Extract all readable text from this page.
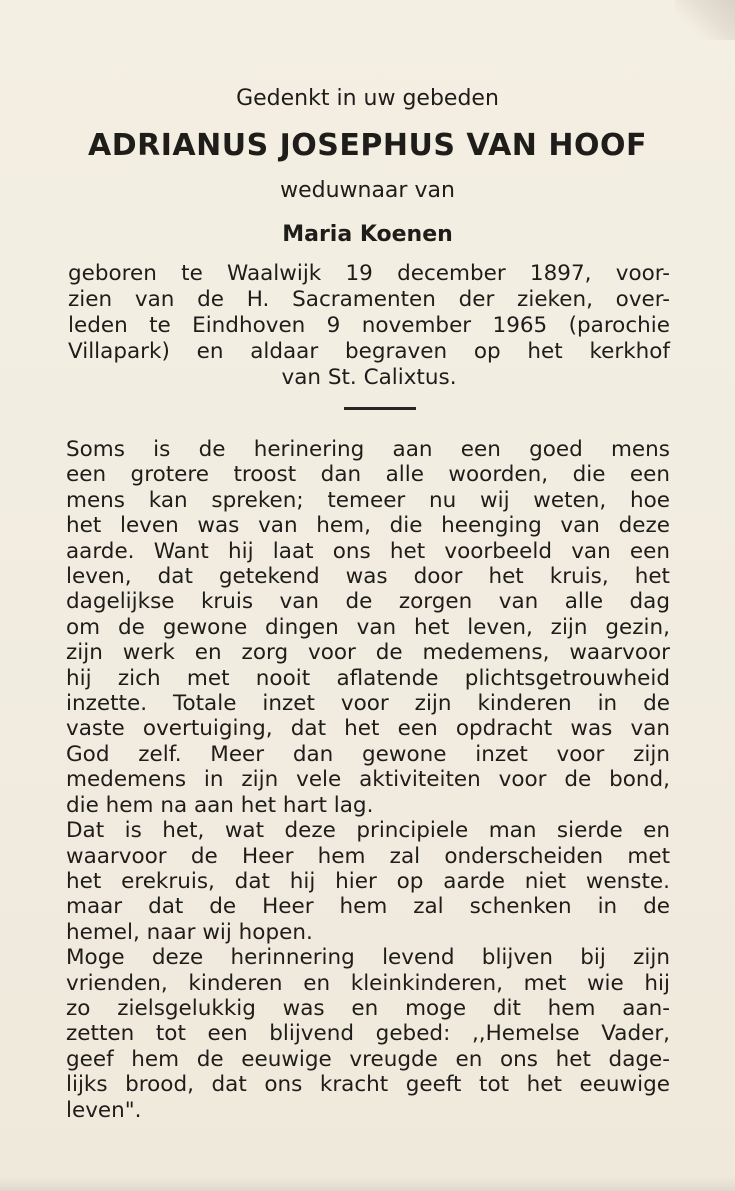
Gedenkt in uw gebeden
ADRIANUS JOSEPHUS VAN HOOF
weduwnaar van
Maria Koenen
geboren te Waalwijk 19 december 1897, voor-
zien van de H. Sacramenten der zieken, over-
leden te Eindhoven 9 november 1965 (parochie
Villapark) en aldaar begraven op het kerkhof
van St. Calixtus.
Soms is de herinering aan een goed mens
een grotere troost dan alle woorden, die een
mens kan spreken; temeer nu wij weten, hoe
het leven was van hem, die heenging van deze
aarde. Want hij laat ons het voorbeeld van een
leven, dat getekend was door het kruis, het
dagelijkse kruis van de zorgen van alle dag
om de gewone dingen van het leven, zijn gezin,
zijn werk en zorg voor de medemens, waarvoor
hij zich met nooit aflatende plichtsgetrouwheid
inzette. Totale inzet voor zijn kinderen in de
vaste overtuiging, dat het een opdracht was van
God zelf. Meer dan gewone inzet voor zijn
medemens in zijn vele aktiviteiten voor de bond,
die hem na aan het hart lag.
Dat is het, wat deze principiele man sierde en
waarvoor de Heer hem zal onderscheiden met
het erekruis, dat hij hier op aarde niet wenste.
maar dat de Heer hem zal schenken in de
hemel, naar wij hopen.
Moge deze herinnering levend blijven bij zijn
vrienden, kinderen en kleinkinderen, met wie hij
zo zielsgelukkig was en moge dit hem aan-
zetten tot een blijvend gebed: ,,Hemelse Vader,
geef hem de eeuwige vreugde en ons het dage-
lijks brood, dat ons kracht geeft tot het eeuwige
leven".
